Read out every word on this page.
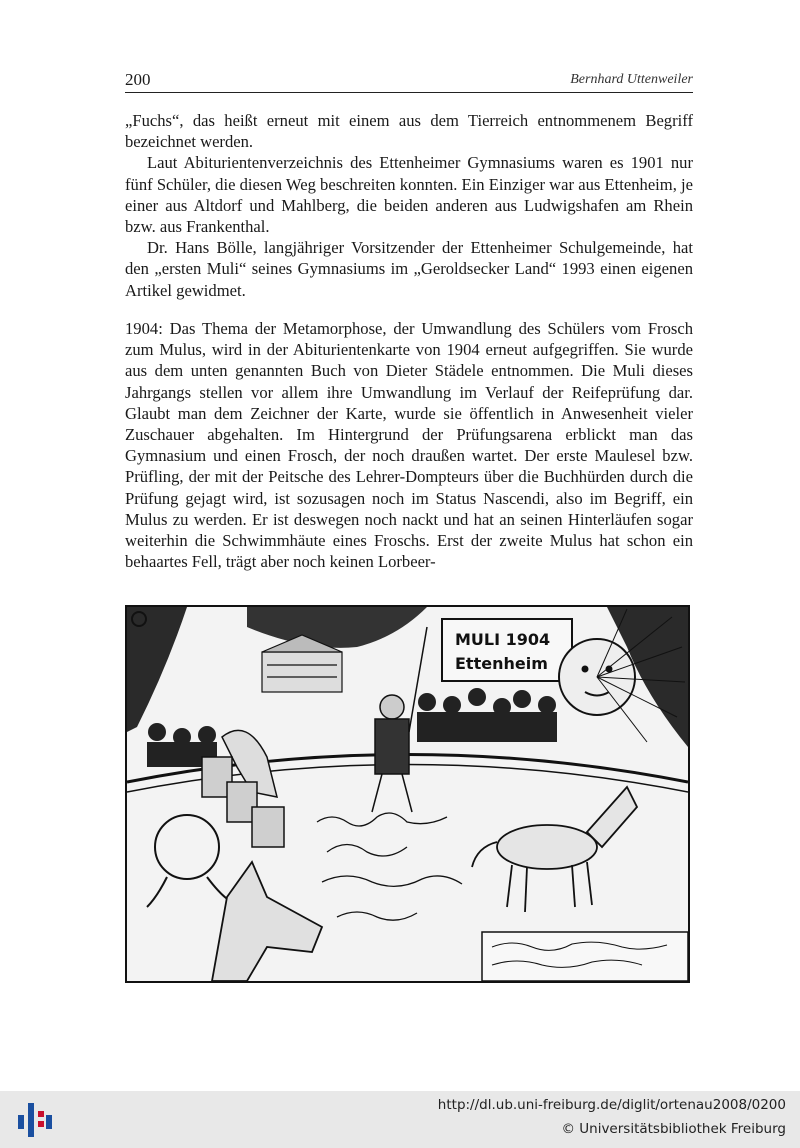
200	Bernhard Uttenweiler

„Fuchs“, das heißt erneut mit einem aus dem Tierreich entnommenem Begriff bezeichnet werden.

Laut Abiturientenverzeichnis des Ettenheimer Gymnasiums waren es 1901 nur fünf Schüler, die diesen Weg beschreiten konnten. Ein Einziger war aus Ettenheim, je einer aus Altdorf und Mahlberg, die beiden anderen aus Ludwigshafen am Rhein bzw. aus Frankenthal.

Dr. Hans Bölle, langjähriger Vorsitzender der Ettenheimer Schulgemeinde, hat den „ersten Muli“ seines Gymnasiums im „Geroldsecker Land“ 1993 einen eigenen Artikel gewidmet.

1904: Das Thema der Metamorphose, der Umwandlung des Schülers vom Frosch zum Mulus, wird in der Abiturientenkarte von 1904 erneut aufgegriffen. Sie wurde aus dem unten genannten Buch von Dieter Städele entnommen. Die Muli dieses Jahrgangs stellen vor allem ihre Umwandlung im Verlauf der Reifeprüfung dar. Glaubt man dem Zeichner der Karte, wurde sie öffentlich in Anwesenheit vieler Zuschauer abgehalten. Im Hintergrund der Prüfungsarena erblickt man das Gymnasium und einen Frosch, der noch draußen wartet. Der erste Maulesel bzw. Prüfling, der mit der Peitsche des Lehrer-Dompteurs über die Buchhürden durch die Prüfung gejagt wird, ist sozusagen noch im Status Nascendi, also im Begriff, ein Mulus zu werden. Er ist deswegen noch nackt und hat an seinen Hinterläufen sogar weiterhin die Schwimmhäute eines Froschs. Erst der zweite Mulus hat schon ein behaartes Fell, trägt aber noch keinen Lorbeer-

MULI 1904
Ettenheim
http://dl.ub.uni-freiburg.de/diglit/ortenau2008/0200
© Universitätsbibliothek Freiburg
